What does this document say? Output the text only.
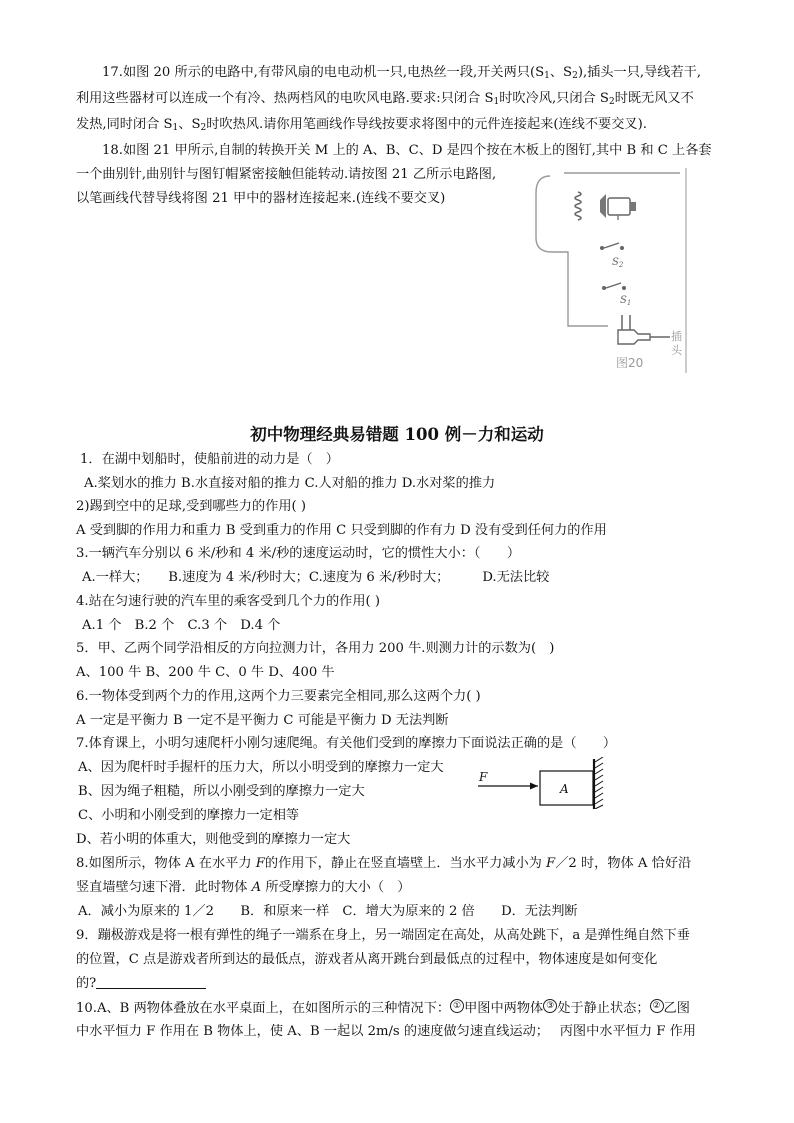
17.如图 20 所示的电路中,有带风扇的电电动机一只,电热丝一段,开关两只($S_1$、$S_2$),插头一只,导线若干,
利用这些器材可以连成一个有冷、热两档风的电吹风电路.要求:只闭合 $S_1$时吹冷风,只闭合 $S_2$时既无风又不
发热,同时闭合 $S_1$、$S_2$时吹热风.请你用笔画线作导线按要求将图中的元件连接起来(连线不要交叉).
18.如图 21 甲所示,自制的转换开关 M 上的 A、B、C、D 是四个按在木板上的图钉,其中 B 和 C 上各套
一个曲别针,曲别针与图钉帽紧密接触但能转动.请按图 21 乙所示电路图,
以笔画线代替导线将图 21 甲中的器材连接起来.(连线不要交叉)
$S_2$
$S_1$
插
头
图20
初中物理经典易错题 100 例－力和运动
1．在湖中划船时，使船前进的动力是（　）
A.桨划水的推力 B.水直接对船的推力 C.人对船的推力 D.水对桨的推力
2)踢到空中的足球,受到哪些力的作用( )
A 受到脚的作用力和重力 B 受到重力的作用 C 只受到脚的作有力 D 没有受到任何力的作用
3.一辆汽车分别以 6 米/秒和 4 米/秒的速度运动时，它的惯性大小：（　　）
A.一样大；　　B.速度为 4 米/秒时大；C.速度为 6 米/秒时大；　　　D.无法比较
4.站在匀速行驶的汽车里的乘客受到几个力的作用( )
A.1 个　B.2 个　C.3 个　D.4 个
5．甲、乙两个同学沿相反的方向拉测力计，各用力 200 牛.则测力计的示数为(　)
A、100 牛 B、200 牛 C、0 牛 D、400 牛
6.一物体受到两个力的作用,这两个力三要素完全相同,那么这两个力( )
A 一定是平衡力 B 一定不是平衡力 C 可能是平衡力 D 无法判断
7.体育课上，小明匀速爬杆小刚匀速爬绳。有关他们受到的摩擦力下面说法正确的是（　　）
A、因为爬杆时手握杆的压力大，所以小明受到的摩擦力一定大
B、因为绳子粗糙，所以小刚受到的摩擦力一定大
C、小明和小刚受到的摩擦力一定相等
D、若小明的体重大，则他受到的摩擦力一定大
F
A
8.如图所示，物体 A 在水平力 F的作用下，静止在竖直墙壁上．当水平力减小为 F／2 时，物体 A 恰好沿
竖直墙壁匀速下滑．此时物体 A 所受摩擦力的大小（　）
A．减小为原来的 1／2　　B．和原来一样　C．增大为原来的 2 倍　　D．无法判断
9．蹦极游戏是将一根有弹性的绳子一端系在身上，另一端固定在高处，从高处跳下，a 是弹性绳自然下垂
的位置，C 点是游戏者所到达的最低点，游戏者从离开跳台到最低点的过程中，物体速度是如何变化
的?
10.A、B 两物体叠放在水平桌面上，在如图所示的三种情况下： ① 甲图中两物体 ③ 处于静止状态； ② 乙图
中水平恒力 F 作用在 B 物体上，使 A、B 一起以 2m/s 的速度做匀速直线运动；　 丙图中水平恒力 F 作用
